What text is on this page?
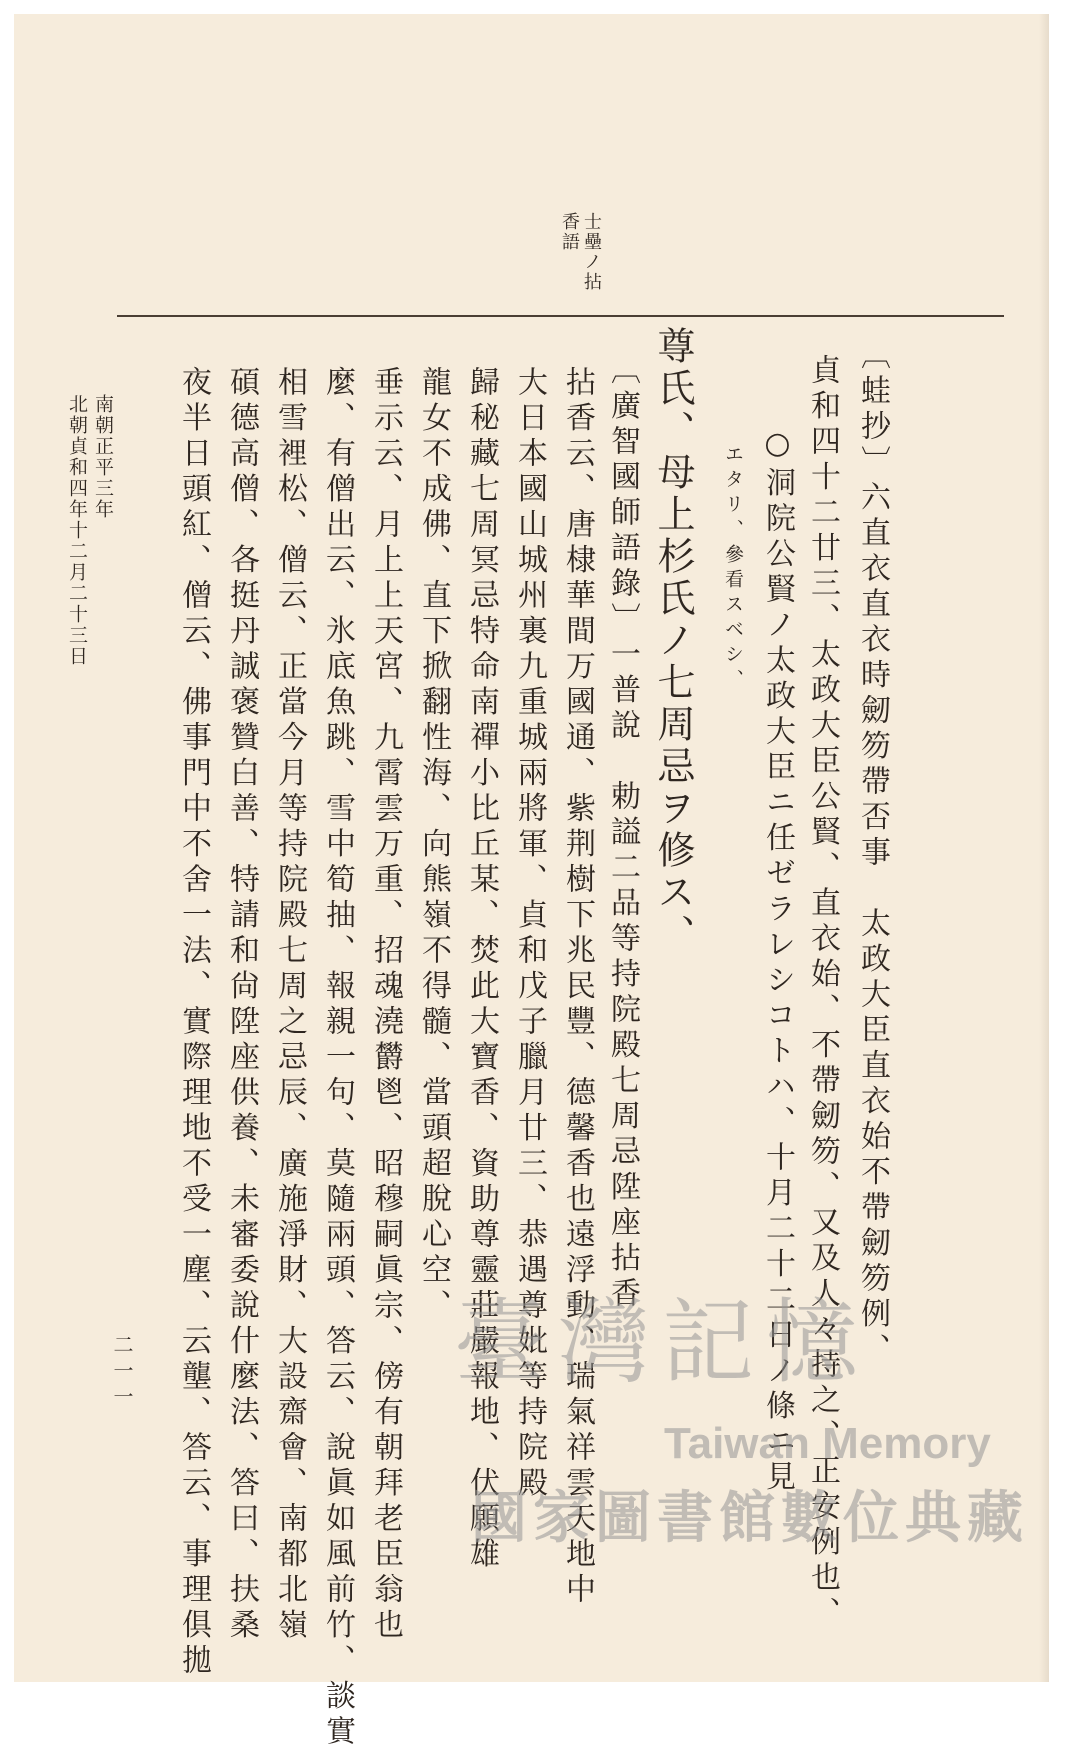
士壘ノ拈
香語
〔蛙抄〕六直衣直衣時劒笏帶否事　太政大臣直衣始不帶劒笏例、
貞和四十二廿三、太政大臣公賢、直衣始、不帶劒笏、又及人々持之、正安例也、
○洞院公賢ノ太政大臣ニ任ゼラレシコトハ、十月二十二日ノ條ニ見
エタリ、參看スベシ、
尊氏、母上杉氏ノ七周忌ヲ修ス、
〔廣智國師語錄〕一普說　勅謚二品等持院殿七周忌陞座拈香
拈香云、唐棣華間万國通、紫荆樹下兆民豐、德馨香也遠浮動、瑞氣祥雲天地中
大日本國山城州裏九重城兩將軍、貞和戊子臘月廿三、恭遇尊妣等持院殿
歸秘藏七周冥忌特命南禪小比丘某、焚此大寶香、資助尊靈莊嚴報地、伏願雄
龍女不成佛、直下掀翻性海、向熊嶺不得髓、當頭超脫心空、
垂示云、月上上天宮、九霄雲万重、招魂澆欝鬯、昭穆嗣眞宗、傍有朝拜老臣翁也
麼、有僧出云、氷底魚跳、雪中筍抽、報親一句、莫隨兩頭、答云、說眞如風前竹、談實
相雪裡松、僧云、正當今月等持院殿七周之忌辰、廣施淨財、大設齋會、南都北嶺
碩德高僧、各挺丹誠褒贊白善、特請和尙陞座供養、未審委說什麼法、答曰、扶桑
夜半日頭紅、僧云、佛事門中不舍一法、實際理地不受一塵、云壟、答云、事理俱拋
南朝正平三年
北朝貞和四年十二月二十三日
二一一	臺灣記憶
Taiwan Memory
國家圖書館數位典藏
